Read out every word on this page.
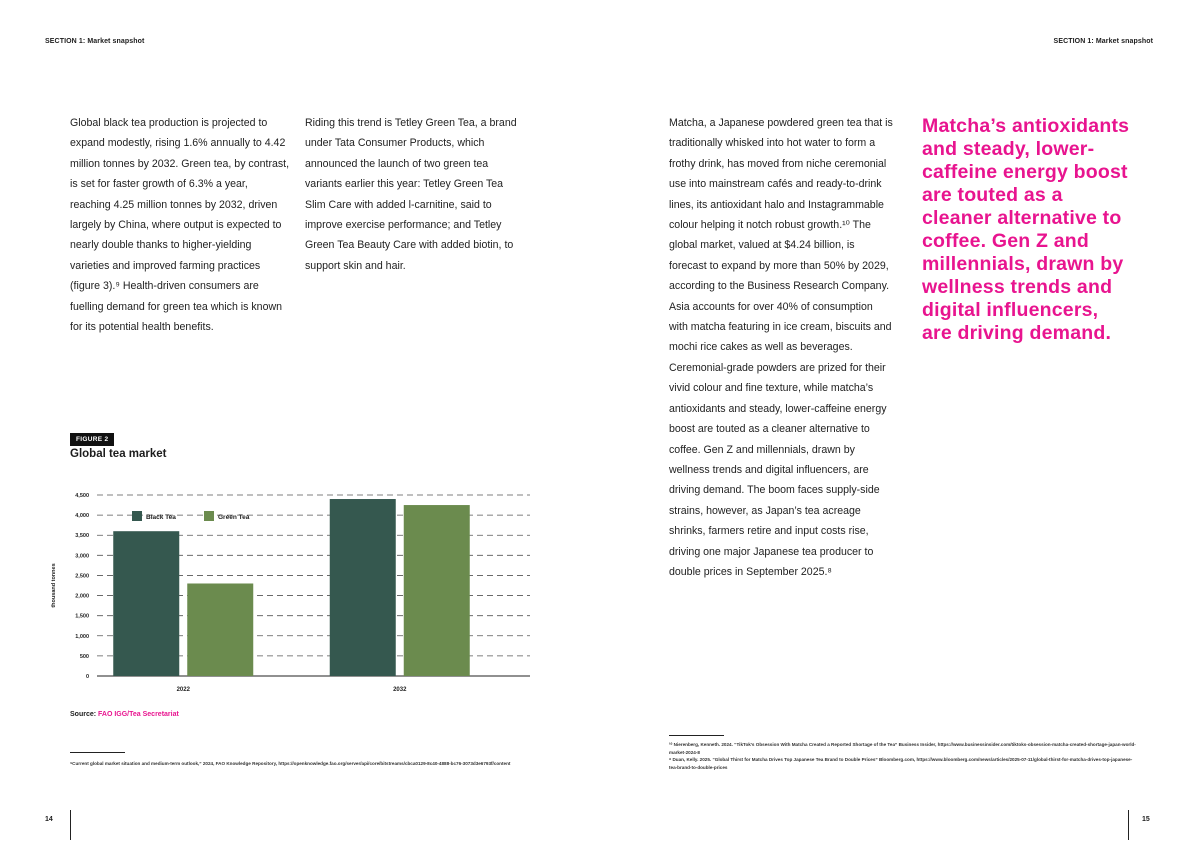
SECTION 1: Market snapshot	SECTION 1: Market snapshot

Global black tea production is projected to expand modestly, rising 1.6% annually to 4.42 million tonnes by 2032. Green tea, by contrast, is set for faster growth of 6.3% a year, reaching 4.25 million tonnes by 2032, driven largely by China, where output is expected to nearly double thanks to higher-yielding varieties and improved farming practices (figure 3).⁹ Health-driven consumers are fuelling demand for green tea which is known for its potential health benefits.

Riding this trend is Tetley Green Tea, a brand under Tata Consumer Products, which announced the launch of two green tea variants earlier this year: Tetley Green Tea Slim Care with added l-carnitine, said to improve exercise performance; and Tetley Green Tea Beauty Care with added biotin, to support skin and hair.

FIGURE 2
Global tea market
0
500
1,000
1,500
2,000
2,500
3,000
3,500
4,000
4,500
thousand tonnes
2022	2032
Black Tea	Green Tea
Source: FAO IGG/Tea Secretariat
⁹Current global market situation and medium-term outlook,” 2024, FAO Knowledge Repository, https://openknowledge.fao.org/server/api/core/bitstreams/cbca0129-8c40-4888-bc76-3073d3e6793f/content
14

Matcha, a Japanese powdered green tea that is traditionally whisked into hot water to form a frothy drink, has moved from niche ceremonial use into mainstream cafés and ready-to-drink lines, its antioxidant halo and Instagrammable colour helping it notch robust growth.¹⁰ The global market, valued at $4.24 billion, is forecast to expand by more than 50% by 2029, according to the Business Research Company. Asia accounts for over 40% of consumption with matcha featuring in ice cream, biscuits and mochi rice cakes as well as beverages. Ceremonial-grade powders are prized for their vivid colour and fine texture, while matcha’s antioxidants and steady, lower-caffeine energy boost are touted as a cleaner alternative to coffee. Gen Z and millennials, drawn by wellness trends and digital influencers, are driving demand. The boom faces supply-side strains, however, as Japan’s tea acreage shrinks, farmers retire and input costs rise, driving one major Japanese tea producer to double prices in September 2025.⁸

Matcha’s antioxidants and steady, lower-caffeine energy boost are touted as a cleaner alternative to coffee. Gen Z and millennials, drawn by wellness trends and digital influencers, are driving demand.
¹⁰ Nierenberg, Kenneth. 2024. “TikTok’s Obsession With Matcha Created a Reported Shortage of the Tea” Business Insider, https://www.businessinsider.com/tiktoks-obsession-matcha-created-shortage-japan-world-market-2024-8
⁸ Duan, Kelly. 2025. “Global Thirst for Matcha Drives Top Japanese Tea Brand to Double Prices” Bloomberg.com, https://www.bloomberg.com/news/articles/2025-07-11/global-thirst-for-matcha-drives-top-japanese-tea-brand-to-double-prices
15
